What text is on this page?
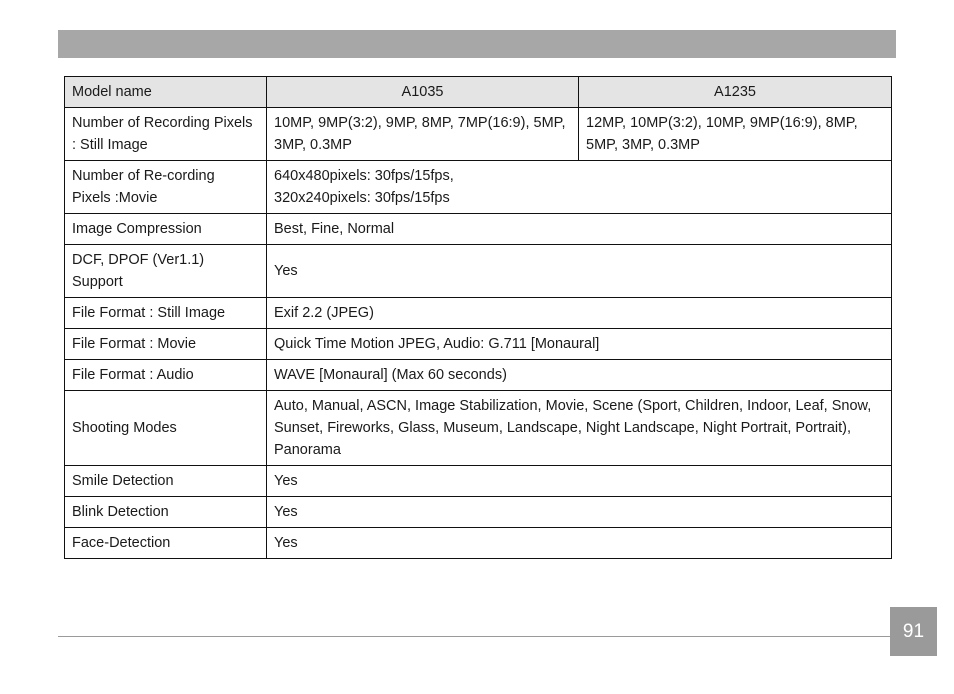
Model name	A1035	A1235
Number of Recording Pixels : Still Image	10MP, 9MP(3:2), 9MP, 8MP, 7MP(16:9), 5MP, 3MP, 0.3MP	12MP, 10MP(3:2), 10MP, 9MP(16:9), 8MP, 5MP, 3MP, 0.3MP
Number of Re-cording
Pixels :Movie	640x480pixels: 30fps/15fps,
320x240pixels: 30fps/15fps	
Image Compression	Best, Fine, Normal	
DCF, DPOF (Ver1.1)
Support	Yes	
File Format : Still Image	Exif 2.2 (JPEG)	
File Format : Movie	Quick Time Motion JPEG, Audio: G.711 [Monaural]	
File Format : Audio	WAVE [Monaural] (Max 60 seconds)	
Shooting Modes	Auto, Manual, ASCN, Image Stabilization, Movie, Scene (Sport, Children, Indoor, Leaf, Snow, Sunset, Fireworks, Glass, Museum, Landscape, Night Landscape, Night Portrait, Portrait), Panorama	
Smile Detection	Yes	
Blink Detection	Yes	
Face-Detection	Yes	
91
